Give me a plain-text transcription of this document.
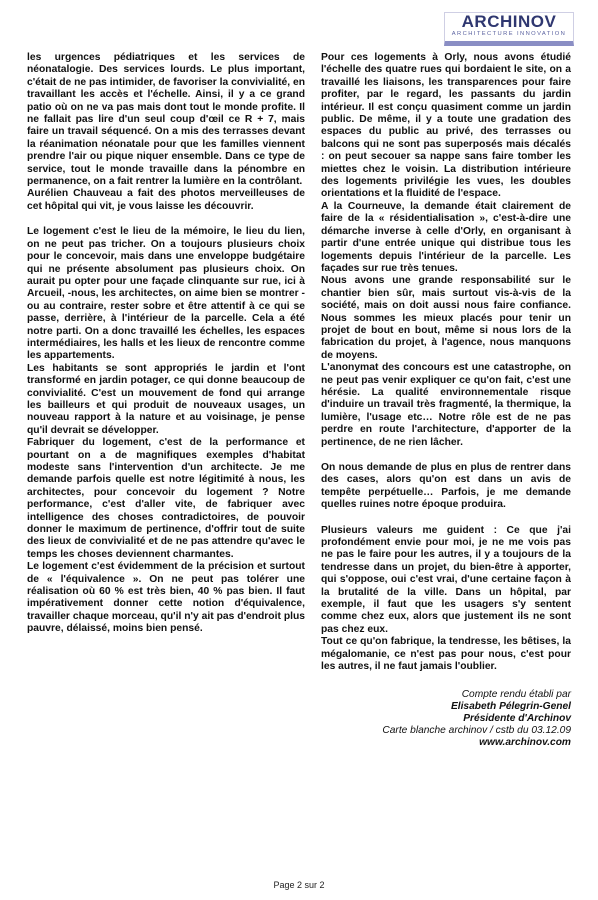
ARCHINOV
ARCHITECTURE INNOVATION

les urgences pédiatriques et les services de néonatalogie. Des services lourds. Le plus important, c'était de ne pas intimider, de favoriser la convivialité, en travaillant les accès et l'échelle. Ainsi, il y a ce grand patio où on ne va pas mais dont tout le monde profite. Il ne fallait pas lire d'un seul coup d'œil ce R + 7, mais faire un travail séquencé. On a mis des terrasses devant la réanimation néonatale pour que les familles viennent prendre l'air ou pique niquer ensemble. Dans ce type de service, tout le monde travaille dans la pénombre en permanence, on a fait rentrer la lumière en la contrôlant.

Aurélien Chauveau a fait des photos merveilleuses de cet hôpital qui vit, je vous laisse les découvrir.

Le logement c'est le lieu de la mémoire, le lieu du lien, on ne peut pas tricher. On a toujours plusieurs choix pour le concevoir, mais dans une enveloppe budgétaire qui ne présente absolument pas plusieurs choix. On aurait pu opter pour une façade clinquante sur rue, ici à Arcueil, -nous, les architectes, on aime bien se montrer - ou au contraire, rester sobre et être attentif à ce qui se passe, derrière, à l'intérieur de la parcelle. Cela a été notre parti. On a donc travaillé les échelles, les espaces intermédiaires, les halls et les lieux de rencontre comme les appartements.

Les habitants se sont appropriés le jardin et l'ont transformé en jardin potager, ce qui donne beaucoup de convivialité. C'est un mouvement de fond qui arrange les bailleurs et qui produit de nouveaux usages, un nouveau rapport à la nature et au voisinage, je pense qu'il devrait se développer.

Fabriquer du logement, c'est de la performance et pourtant on a de magnifiques exemples d'habitat modeste sans l'intervention d'un architecte. Je me demande parfois quelle est notre légitimité à nous, les architectes, pour concevoir du logement ? Notre performance, c'est d'aller vite, de fabriquer avec intelligence des choses contradictoires, de pouvoir donner le maximum de pertinence, d'offrir tout de suite des lieux de convivialité et de ne pas attendre qu'avec le temps les choses deviennent charmantes.

Le logement c'est évidemment de la précision et surtout de « l'équivalence ». On ne peut pas tolérer une réalisation où 60 % est très bien, 40 % pas bien. Il faut impérativement donner cette notion d'équivalence, travailler chaque morceau, qu'il n'y ait pas d'endroit plus pauvre, délaissé, moins bien pensé.

Pour ces logements à Orly, nous avons étudié l'échelle des quatre rues qui bordaient le site, on a travaillé les liaisons, les transparences pour faire profiter, par le regard, les passants du jardin intérieur. Il est conçu quasiment comme un jardin public. De même, il y a toute une gradation des espaces du public au privé, des terrasses ou balcons qui ne sont pas superposés mais décalés : on peut secouer sa nappe sans faire tomber les miettes chez le voisin. La distribution intérieure des logements privilégie les vues, les doubles orientations et la fluidité de l'espace.

A la Courneuve, la demande était clairement de faire de la « résidentialisation », c'est-à-dire une démarche inverse à celle d'Orly, en organisant à partir d'une entrée unique qui distribue tous les logements depuis l'intérieur de la parcelle. Les façades sur rue très tenues.

Nous avons une grande responsabilité sur le chantier bien sûr, mais surtout vis-à-vis de la société, mais on doit aussi nous faire confiance. Nous sommes les mieux placés pour tenir un projet de bout en bout, même si nous lors de la fabrication du projet, à l'agence, nous manquons de moyens.

L'anonymat des concours est une catastrophe, on ne peut pas venir expliquer ce qu'on fait, c'est une hérésie. La qualité environnementale risque d'induire un travail très fragmenté, la thermique, la lumière, l'usage etc… Notre rôle est de ne pas perdre en route l'architecture, d'apporter de la pertinence, de ne rien lâcher.

On nous demande de plus en plus de rentrer dans des cases, alors qu'on est dans un avis de tempête perpétuelle… Parfois, je me demande quelles ruines notre époque produira.

Plusieurs valeurs me guident : Ce que j'ai profondément envie pour moi, je ne me vois pas ne pas le faire pour les autres, il y a toujours de la tendresse dans un projet, du bien-être à apporter, qui s'oppose, oui c'est vrai, d'une certaine façon à la brutalité de la ville. Dans un hôpital, par exemple, il faut que les usagers s'y sentent comme chez eux, alors que justement ils ne sont pas chez eux.

Tout ce qu'on fabrique, la tendresse, les bêtises, la mégalomanie, ce n'est pas pour nous, c'est pour les autres, il ne faut jamais l'oublier.

Compte rendu établi par
Elisabeth Pélegrin-Genel
Présidente d'Archinov
Carte blanche archinov / cstb du 03.12.09
www.archinov.com
Page 2 sur 2
